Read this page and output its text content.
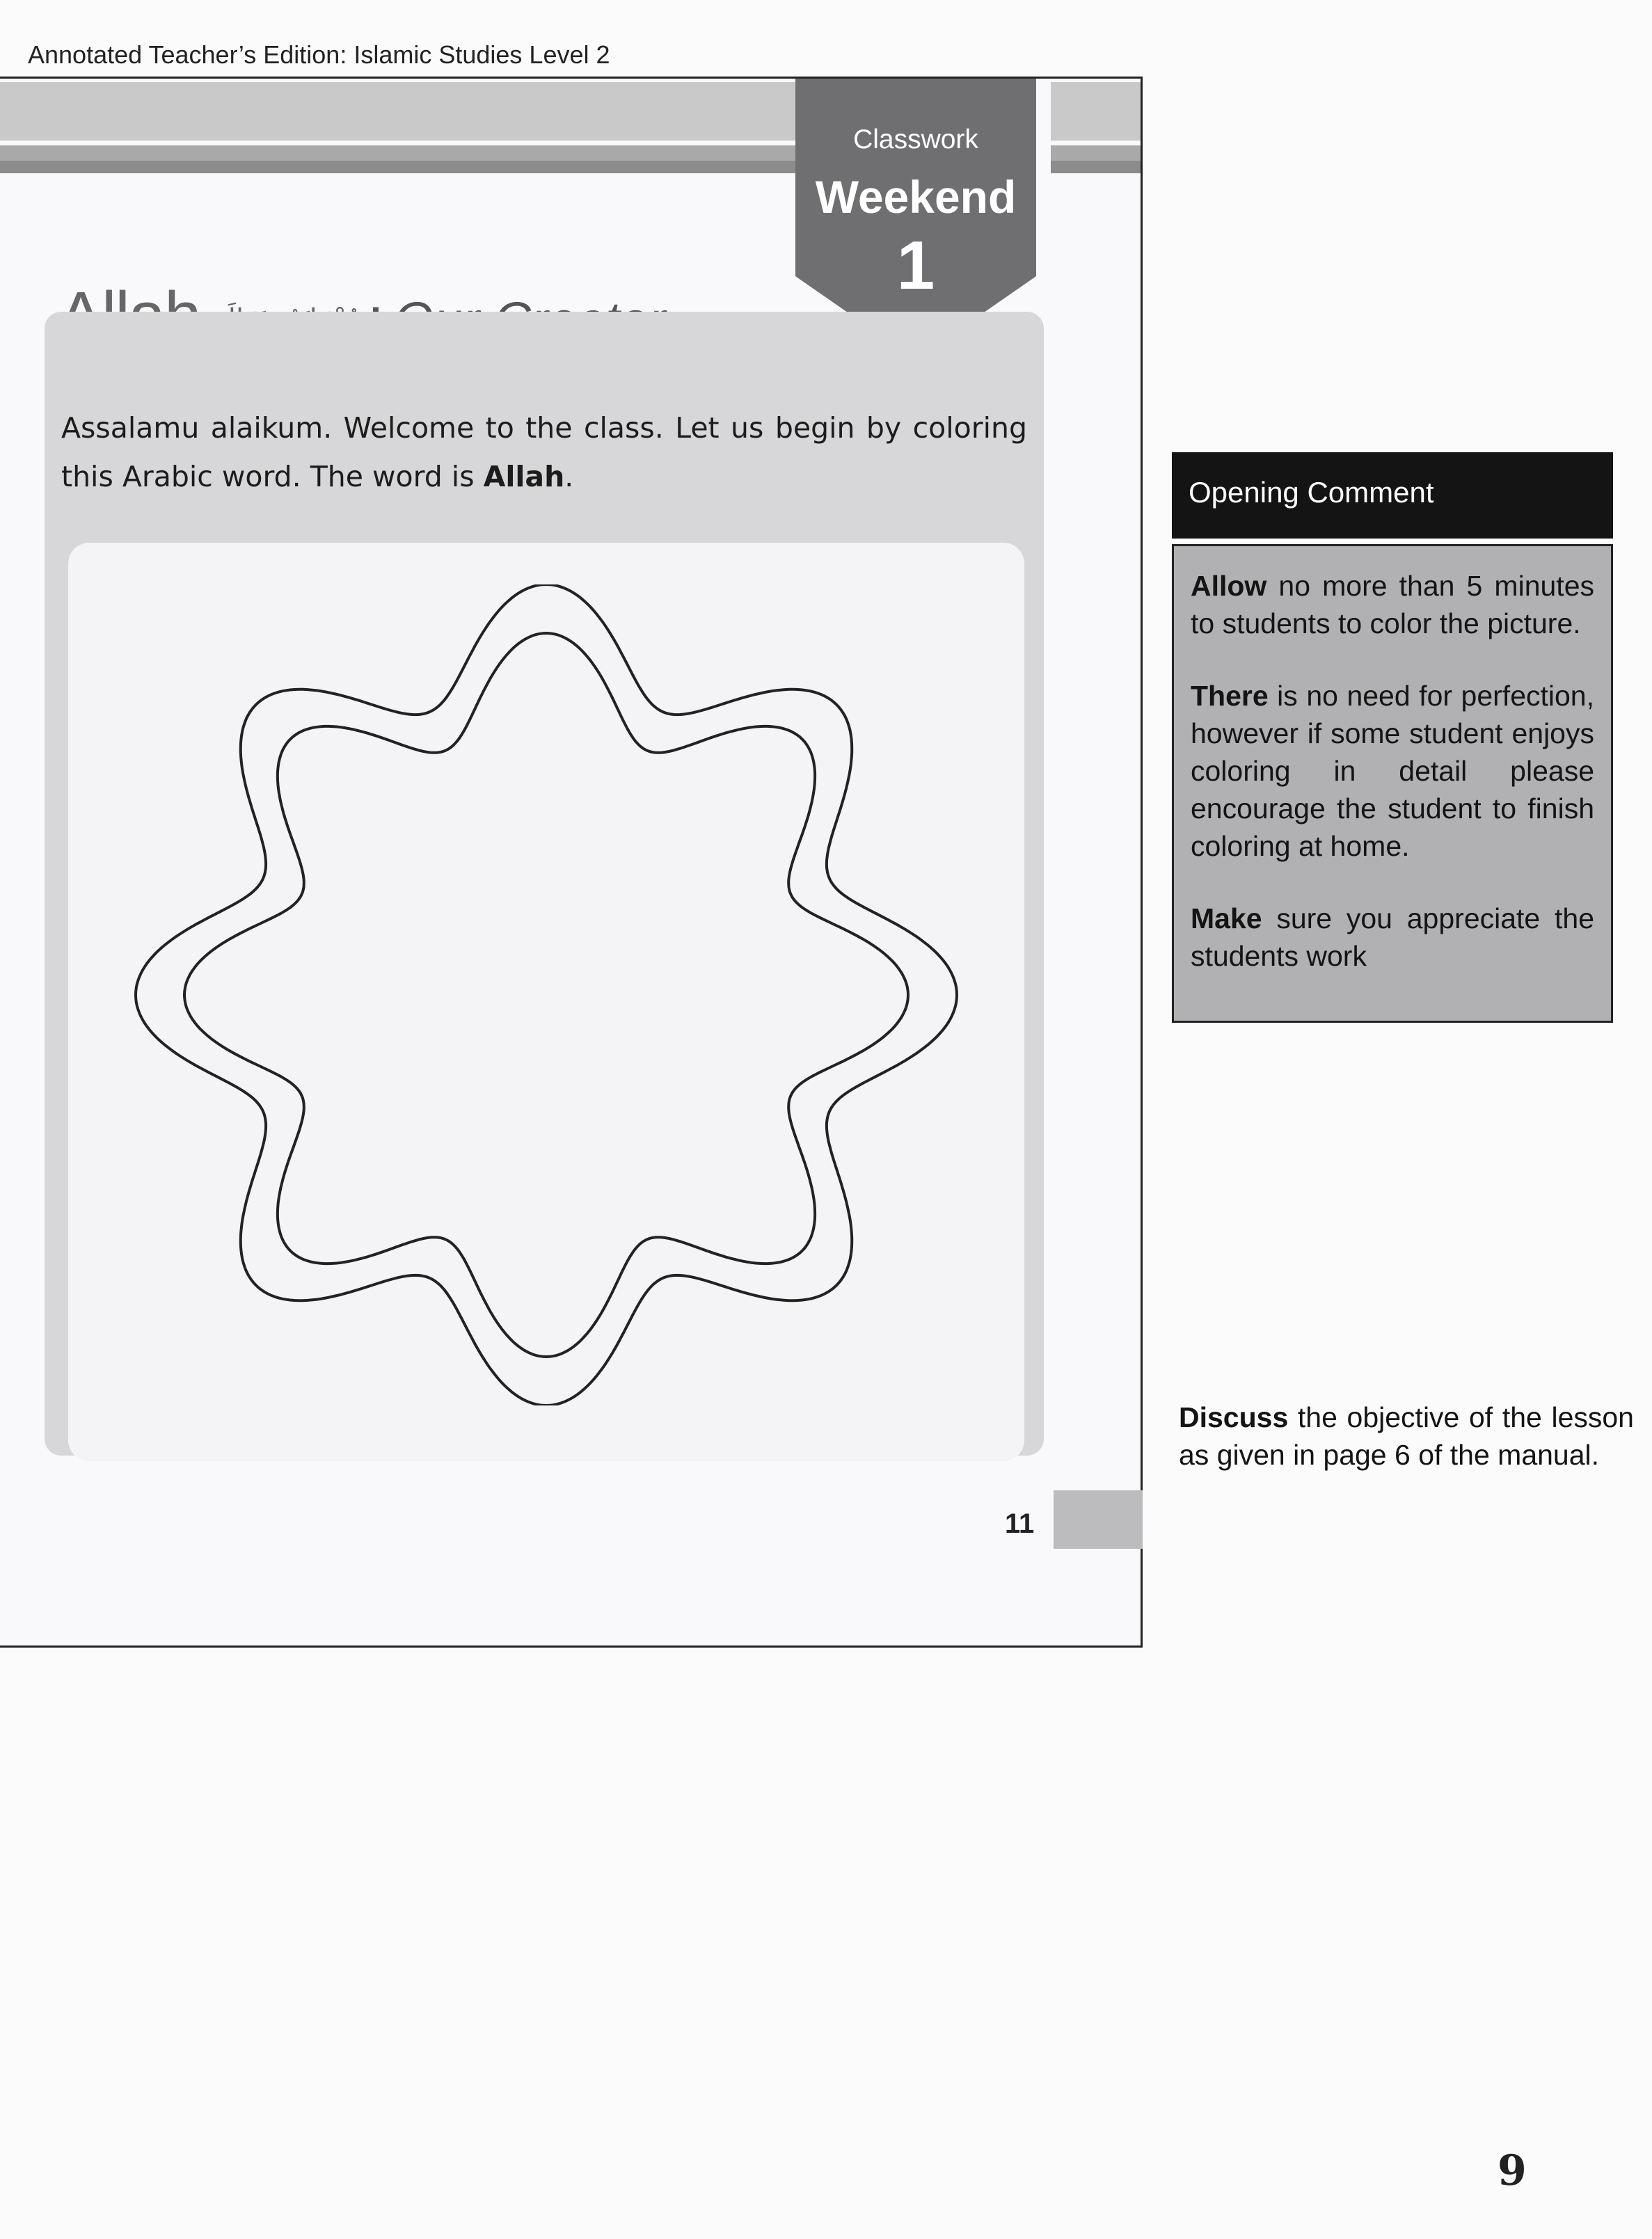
Annotated Teacher’s Edition: Islamic Studies Level 2
Classwork
Weekend
1
Assalamu alaikum. Welcome to the class. Let us begin by coloring this Arabic word. The word is Allah.
11
Opening Comment

Allow no more than 5 minutes to students to color the picture.

There is no need for perfection, however if some student enjoys coloring in detail please encourage the student to finish coloring at home.

Make sure you appreciate the students work

Discuss the objective of the lesson as given in page 6 of the manual.
9
